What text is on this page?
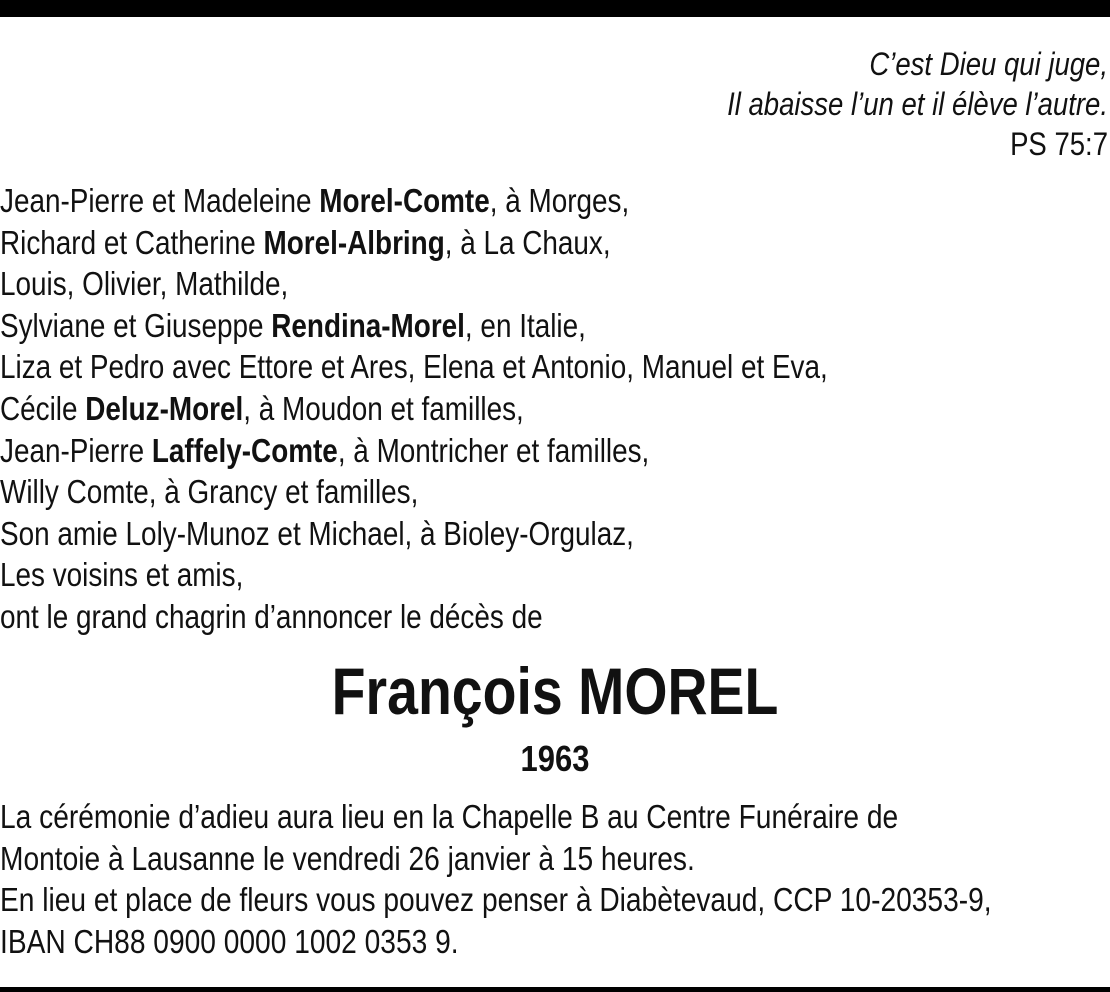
C’est Dieu qui juge,
Il abaisse l’un et il élève l’autre.
PS 75:7
Jean-Pierre et Madeleine Morel-Comte, à Morges,
Richard et Catherine Morel-Albring, à La Chaux,
Louis, Olivier, Mathilde,
Sylviane et Giuseppe Rendina-Morel, en Italie,
Liza et Pedro avec Ettore et Ares, Elena et Antonio, Manuel et Eva,
Cécile Deluz-Morel, à Moudon et familles,
Jean-Pierre Laffely-Comte, à Montricher et familles,
Willy Comte, à Grancy et familles,
Son amie Loly-Munoz et Michael, à Bioley-Orgulaz,
Les voisins et amis,
ont le grand chagrin d’annoncer le décès de
François MOREL
1963
La cérémonie d’adieu aura lieu en la Chapelle B au Centre Funéraire de
Montoie à Lausanne le vendredi 26 janvier à 15 heures.
En lieu et place de fleurs vous pouvez penser à Diabètevaud, CCP 10-20353-9,
IBAN CH88 0900 0000 1002 0353 9.
